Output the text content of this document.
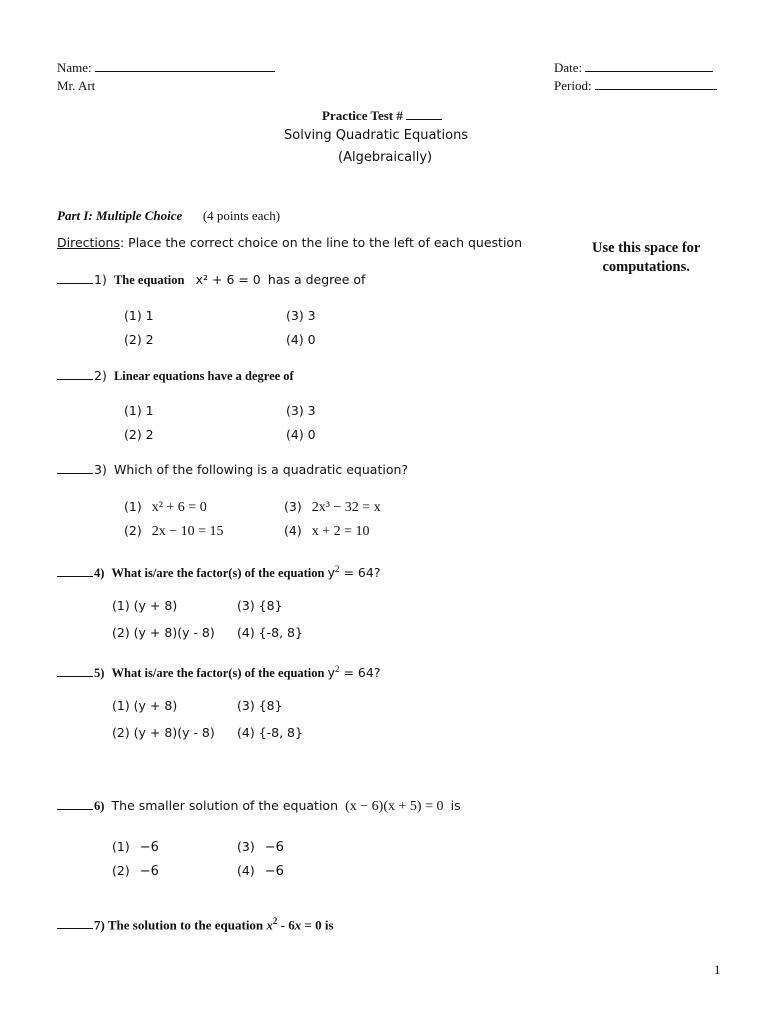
Name:
Mr. Art
Date:
Period:
Practice Test #
Solving Quadratic Equations
(Algebraically)
Part I: Multiple Choice (4 points each)
Directions: Place the correct choice on the line to the left of each question	Use this space for
computations.
1) The equation x² + 6 = 0 has a degree of
(1) 1
(2) 2
(3) 3
(4) 0
2) Linear equations have a degree of
(1) 1
(2) 2
(3) 3
(4) 0
3) Which of the following is a quadratic equation?
(1) x² + 6 = 0
(2) 2x − 10 = 15
(3) 2x³ − 32 = x
(4) x + 2 = 10
4) What is/are the factor(s) of the equation $y^2 = 64$?
(1) (y + 8)
(2) (y + 8)(y - 8)
(3) {8}
(4) {-8, 8}
5) What is/are the factor(s) of the equation $y^2 = 64$?
(1) (y + 8)
(2) (y + 8)(y - 8)
(3) {8}
(4) {-8, 8}
6) The smaller solution of the equation (x − 6)(x + 5) = 0 is
(1) −6
(2) −6
(3) −6
(4) −6
7) The solution to the equation $x^2 - 6x = 0$ is
1
